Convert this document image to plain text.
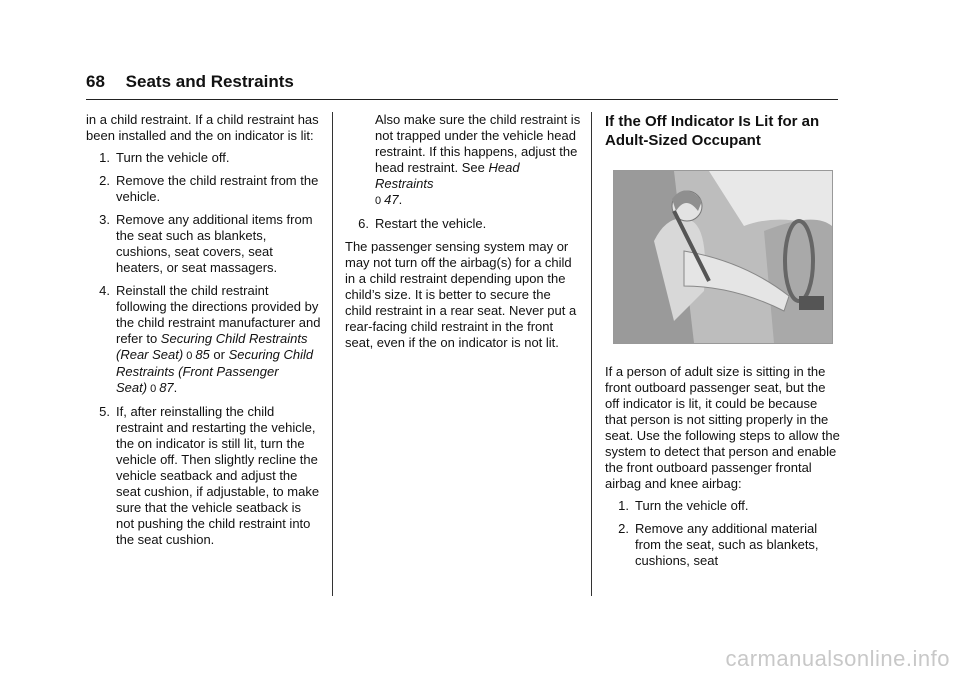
68 Seats and Restraints

in a child restraint. If a child restraint has been installed and the on indicator is lit:

1. Turn the vehicle off.
2. Remove the child restraint from the vehicle.
3. Remove any additional items from the seat such as blankets, cushions, seat covers, seat heaters, or seat massagers.
4. Reinstall the child restraint following the directions provided by the child restraint manufacturer and refer to Securing Child Restraints (Rear Seat) 0 85 or Securing Child Restraints (Front Passenger Seat) 0 87.
5. If, after reinstalling the child restraint and restarting the vehicle, the on indicator is still lit, turn the vehicle off. Then slightly recline the vehicle seatback and adjust the seat cushion, if adjustable, to make sure that the vehicle seatback is not pushing the child restraint into the seat cushion.
Also make sure the child restraint is not trapped under the vehicle head restraint. If this happens, adjust the head restraint. See Head Restraints
0 47.
6. Restart the vehicle.

The passenger sensing system may or may not turn off the airbag(s) for a child in a child restraint depending upon the child’s size. It is better to secure the child restraint in a rear seat. Never put a rear-facing child restraint in the front seat, even if the on indicator is not lit.

If the Off Indicator Is Lit for an Adult-Sized Occupant

If a person of adult size is sitting in the front outboard passenger seat, but the off indicator is lit, it could be because that person is not sitting properly in the seat. Use the following steps to allow the system to detect that person and enable the front outboard passenger frontal airbag and knee airbag:

1. Turn the vehicle off.
2. Remove any additional material from the seat, such as blankets, cushions, seat
carmanualsonline.info
